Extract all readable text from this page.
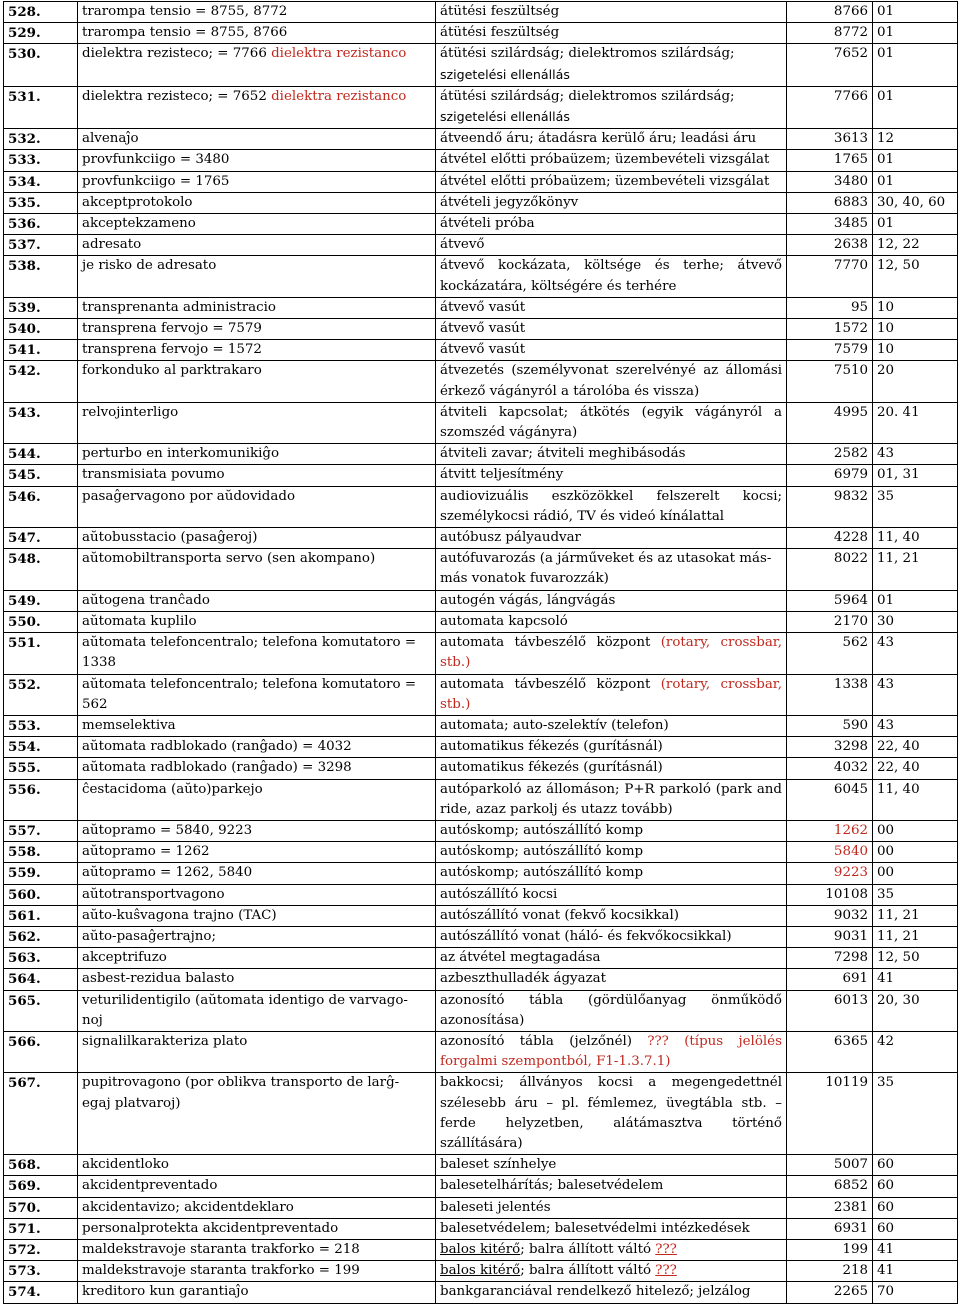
528.	trarompa tensio = 8755, 8772	átütési feszültség	8766	01
529.	trarompa tensio = 8755, 8766	átütési feszültség	8772	01
530.	dielektra rezisteco; = 7766 dielektra rezistanco	átütési szilárdság; dielektromos szilárdság;
szigetelési ellenállás	7652	01
531.	dielektra rezisteco; = 7652 dielektra rezistanco	átütési szilárdság; dielektromos szilárdság;
szigetelési ellenállás	7766	01
532.	alvenaĵo	átveendő áru; átadásra kerülő áru; leadási áru	3613	12
533.	provfunkciigo = 3480	átvétel előtti próbaüzem; üzembevételi vizsgálat	1765	01
534.	provfunkciigo = 1765	átvétel előtti próbaüzem; üzembevételi vizsgálat	3480	01
535.	akceptprotokolo	átvételi jegyzőkönyv	6883	30, 40, 60
536.	akceptekzameno	átvételi próba	3485	01
537.	adresato	átvevő	2638	12, 22
538.	je risko de adresato	átvevő kockázata, költsége és terhe; átvevő kockázatára, költségére és terhére	7770	12, 50
539.	transprenanta administracio	átvevő vasút	95	10
540.	transprena fervojo = 7579	átvevő vasút	1572	10
541.	transprena fervojo = 1572	átvevő vasút	7579	10
542.	forkonduko al parktrakaro	átvezetés (személyvonat szerelvényé az állomási érkező vágányról a tárolóba és vissza)	7510	20
543.	relvojinterligo	átviteli kapcsolat; átkötés (egyik vágányról a szomszéd vágányra)	4995	20. 41
544.	perturbo en interkomunikiĝo	átviteli zavar; átviteli meghibásodás	2582	43
545.	transmisiata povumo	átvitt teljesítmény	6979	01, 31
546.	pasaĝervagono por aŭdovidado	audiovizuális eszközökkel felszerelt kocsi; személykocsi rádió, TV és videó kínálattal	9832	35
547.	aŭtobusstacio (pasaĝeroj)	autóbusz pályaudvar	4228	11, 40
548.	aŭtomobiltransporta servo (sen akompano)	autófuvarozás (a járműveket és az utasokat más-
más vonatok fuvarozzák)	8022	11, 21
549.	aŭtogena tranĉado	autogén vágás, lángvágás	5964	01
550.	aŭtomata kuplilo	automata kapcsoló	2170	30
551.	aŭtomata telefoncentralo; telefona komutatoro = 1338	automata távbeszélő központ (rotary, crossbar, stb.)	562	43
552.	aŭtomata telefoncentralo; telefona komutatoro = 562	automata távbeszélő központ (rotary, crossbar, stb.)	1338	43
553.	memselektiva	automata; auto-szelektív (telefon)	590	43
554.	aŭtomata radblokado (ranĝado) = 4032	automatikus fékezés (gurításnál)	3298	22, 40
555.	aŭtomata radblokado (ranĝado) = 3298	automatikus fékezés (gurításnál)	4032	22, 40
556.	ĉestacidoma (aŭto)parkejo	autóparkoló az állomáson; P+R parkoló (park and ride, azaz parkolj és utazz tovább)	6045	11, 40
557.	aŭtopramo = 5840, 9223	autóskomp; autószállító komp	1262	00
558.	aŭtopramo = 1262	autóskomp; autószállító komp	5840	00
559.	aŭtopramo = 1262, 5840	autóskomp; autószállító komp	9223	00
560.	aŭtotransportvagono	autószállító kocsi	10108	35
561.	aŭto-kuŝvagona trajno (TAC)	autószállító vonat (fekvő kocsikkal)	9032	11, 21
562.	aŭto-pasaĝertrajno;	autószállító vonat (háló- és fekvőkocsikkal)	9031	11, 21
563.	akceptrifuzo	az átvétel megtagadása	7298	12, 50
564.	asbest-rezidua balasto	azbeszthulladék ágyazat	691	41
565.	veturilidentigilo (aŭtomata identigo de varvago-
noj	azonosító tábla (gördülőanyag önműködő azonosítása)	6013	20, 30
566.	signalilkarakteriza plato	azonosító tábla (jelzőnél) ??? (típus jelölés forgalmi szempontból, F1-1.3.7.1)	6365	42
567.	pupitrovagono (por oblikva transporto de larĝ-
egaj platvaroj)	bakkocsi; állványos kocsi a megengedettnél szélesebb áru – pl. fémlemez, üvegtábla stb. – ferde helyzetben, alátámasztva történő szállítására)	10119	35
568.	akcidentloko	baleset színhelye	5007	60
569.	akcidentpreventado	balesetelhárítás; balesetvédelem	6852	60
570.	akcidentavizo; akcidentdeklaro	baleseti jelentés	2381	60
571.	personalprotekta akcidentpreventado	balesetvédelem; balesetvédelmi intézkedések	6931	60
572.	maldekstravoje staranta trakforko = 218	balos kitérő; balra állított váltó ???	199	41
573.	maldekstravoje staranta trakforko = 199	balos kitérő; balra állított váltó ???	218	41
574.	kreditoro kun garantiaĵo	bankgaranciával rendelkező hitelező; jelzálog	2265	70
